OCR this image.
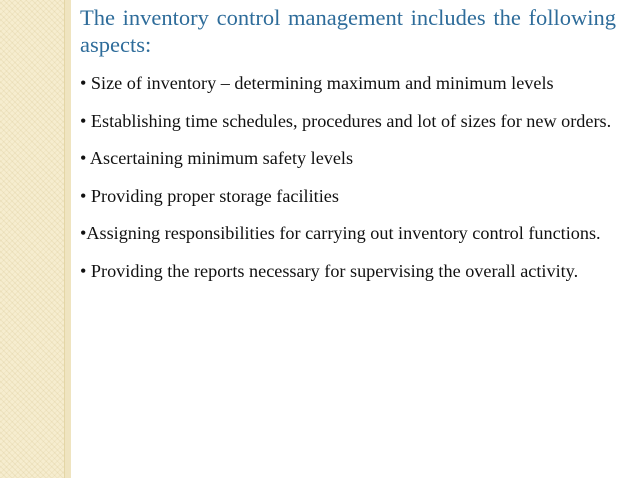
The inventory control management includes the following aspects:
• Size of inventory – determining maximum and minimum levels
• Establishing time schedules, procedures and lot of sizes for new orders.
• Ascertaining minimum safety levels
• Providing proper storage facilities
•Assigning responsibilities for carrying out inventory control functions.
• Providing the reports necessary for supervising the overall activity.
